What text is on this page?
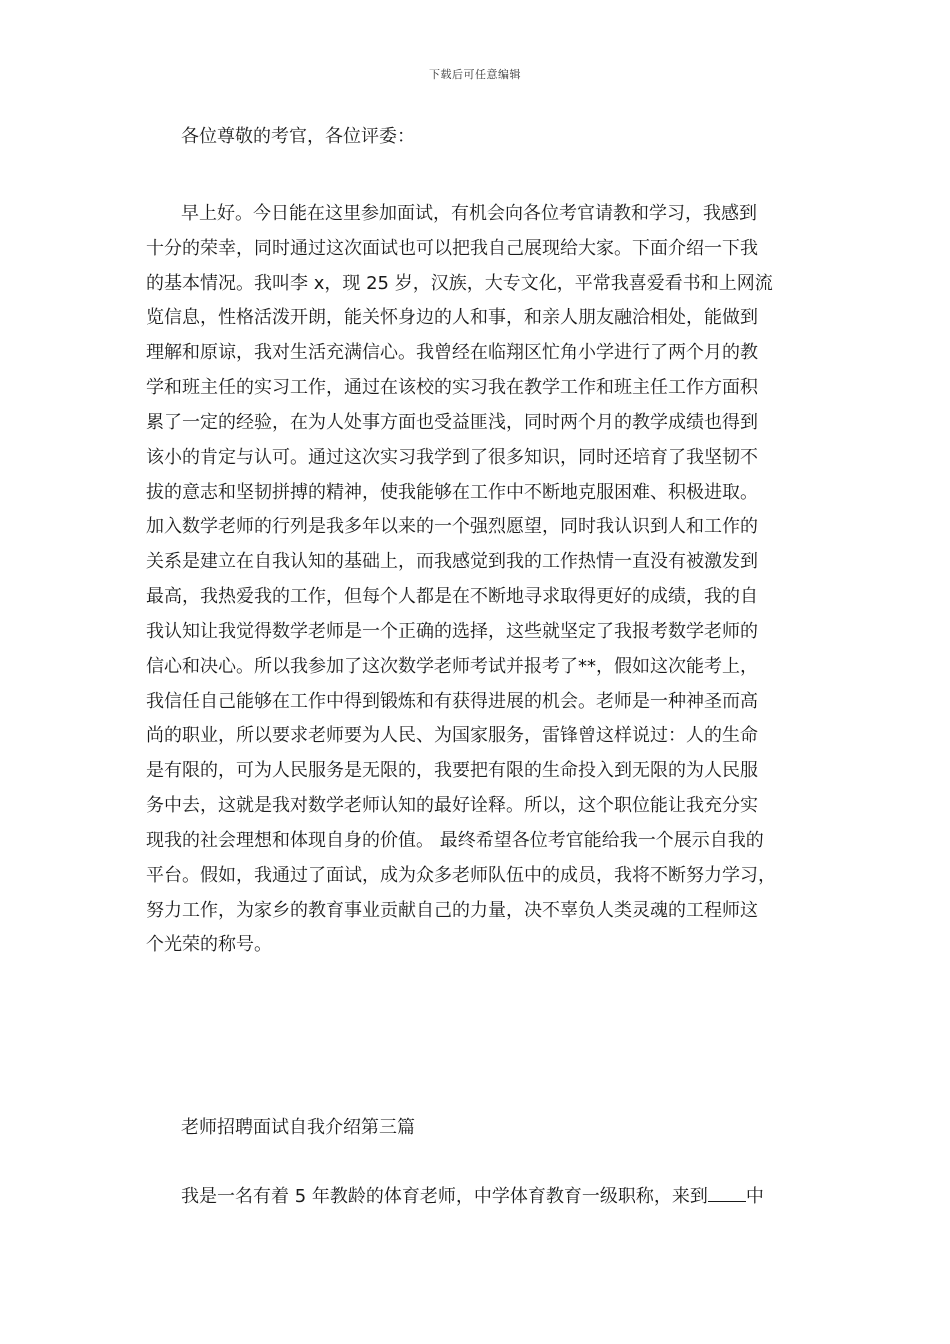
下载后可任意编辑
各位尊敬的考官，各位评委：
早上好。今日能在这里参加面试，有机会向各位考官请教和学习，我感到
十分的荣幸，同时通过这次面试也可以把我自己展现给大家。下面介绍一下我
的基本情况。我叫李 x，现 25 岁，汉族，大专文化，平常我喜爱看书和上网流
览信息，性格活泼开朗，能关怀身边的人和事，和亲人朋友融洽相处，能做到
理解和原谅，我对生活充满信心。我曾经在临翔区忙角小学进行了两个月的教
学和班主任的实习工作，通过在该校的实习我在教学工作和班主任工作方面积
累了一定的经验，在为人处事方面也受益匪浅，同时两个月的教学成绩也得到
该小的肯定与认可。通过这次实习我学到了很多知识，同时还培育了我坚韧不
拔的意志和坚韧拼搏的精神，使我能够在工作中不断地克服困难、积极进取。
加入数学老师的行列是我多年以来的一个强烈愿望，同时我认识到人和工作的
关系是建立在自我认知的基础上，而我感觉到我的工作热情一直没有被激发到
最高，我热爱我的工作，但每个人都是在不断地寻求取得更好的成绩，我的自
我认知让我觉得数学老师是一个正确的选择，这些就坚定了我报考数学老师的
信心和决心。所以我参加了这次数学老师考试并报考了**，假如这次能考上，
我信任自己能够在工作中得到锻炼和有获得进展的机会。老师是一种神圣而高
尚的职业，所以要求老师要为人民、为国家服务，雷锋曾这样说过：人的生命
是有限的，可为人民服务是无限的，我要把有限的生命投入到无限的为人民服
务中去，这就是我对数学老师认知的最好诠释。所以，这个职位能让我充分实
现我的社会理想和体现自身的价值。 最终希望各位考官能给我一个展示自我的
平台。假如，我通过了面试，成为众多老师队伍中的成员，我将不断努力学习，
努力工作，为家乡的教育事业贡献自己的力量，决不辜负人类灵魂的工程师这
个光荣的称号。
老师招聘面试自我介绍第三篇
我是一名有着 5 年教龄的体育老师，中学体育教育一级职称，来到 中
